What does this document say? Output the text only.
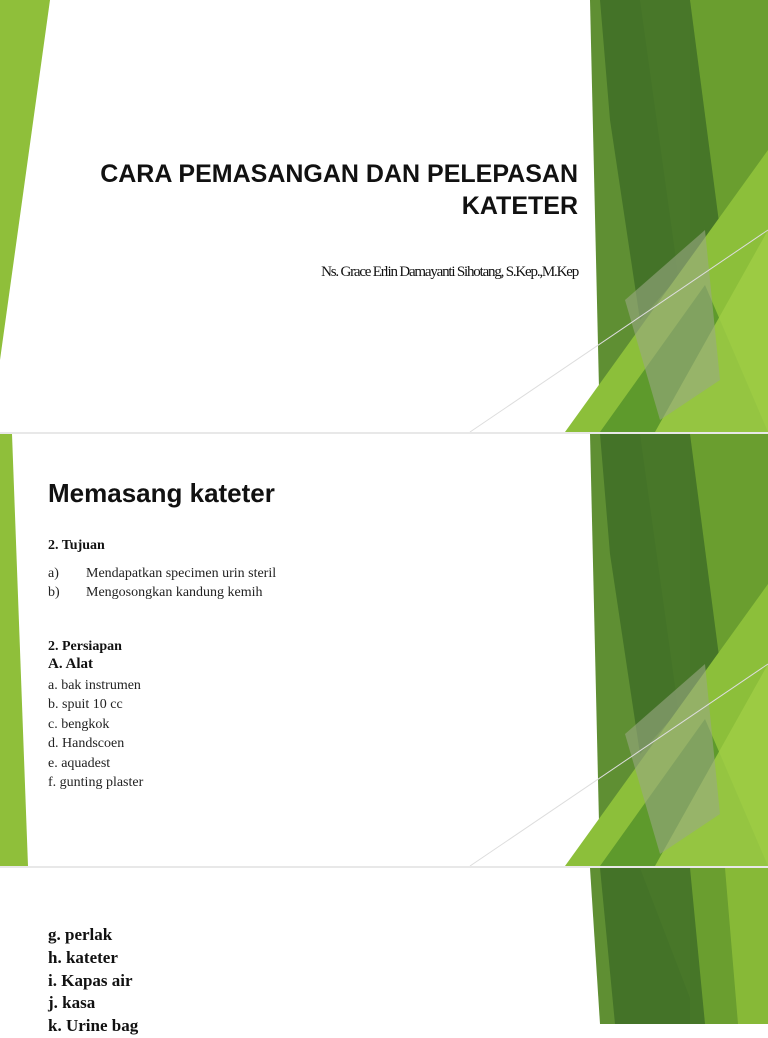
CARA PEMASANGAN DAN PELEPASAN KATETER
Ns. Grace Erlin Damayanti Sihotang, S.Kep.,M.Kep
Memasang kateter
2. Tujuan
a) Mendapatkan specimen urin steril
b) Mengosongkan kandung kemih
2. Persiapan
A. Alat
a. bak instrumen
b. spuit 10 cc
c. bengkok
d. Handscoen
e. aquadest
f. gunting plaster
g. perlak
h. kateter
i. Kapas air
j. kasa
k. Urine bag
